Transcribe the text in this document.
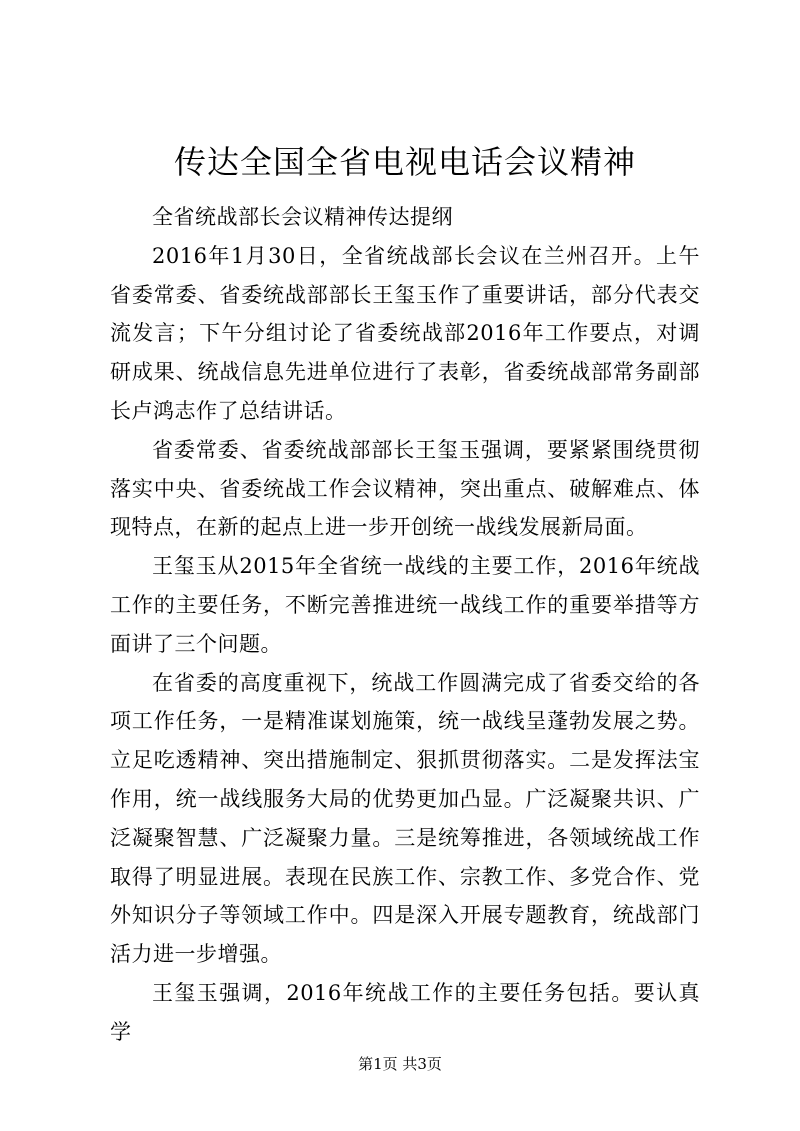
传达全国全省电视电话会议精神

全省统战部长会议精神传达提纲

2016年1月30日，全省统战部长会议在兰州召开。上午省委常委、省委统战部部长王玺玉作了重要讲话，部分代表交流发言；下午分组讨论了省委统战部2016年工作要点，对调研成果、统战信息先进单位进行了表彰，省委统战部常务副部长卢鸿志作了总结讲话。

省委常委、省委统战部部长王玺玉强调，要紧紧围绕贯彻落实中央、省委统战工作会议精神，突出重点、破解难点、体现特点，在新的起点上进一步开创统一战线发展新局面。

王玺玉从2015年全省统一战线的主要工作，2016年统战工作的主要任务，不断完善推进统一战线工作的重要举措等方面讲了三个问题。

在省委的高度重视下，统战工作圆满完成了省委交给的各项工作任务，一是精准谋划施策，统一战线呈蓬勃发展之势。立足吃透精神、突出措施制定、狠抓贯彻落实。二是发挥法宝作用，统一战线服务大局的优势更加凸显。广泛凝聚共识、广泛凝聚智慧、广泛凝聚力量。三是统筹推进，各领域统战工作取得了明显进展。表现在民族工作、宗教工作、多党合作、党外知识分子等领域工作中。四是深入开展专题教育，统战部门活力进一步增强。

王玺玉强调，2016年统战工作的主要任务包括。要认真学

第1页 共3页
